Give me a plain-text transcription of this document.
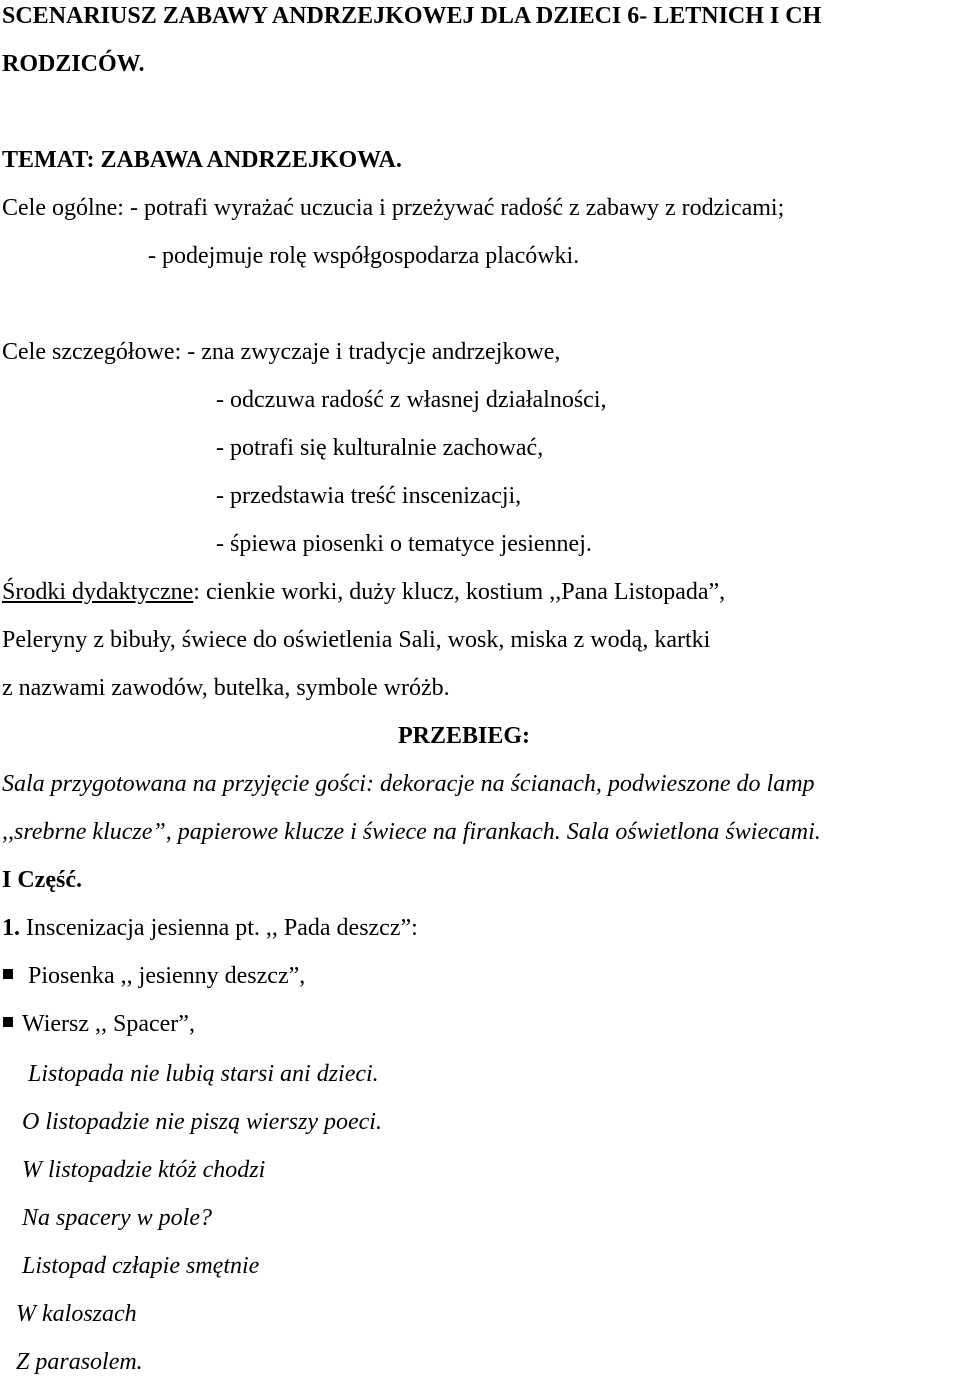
SCENARIUSZ ZABAWY ANDRZEJKOWEJ DLA DZIECI 6- LETNICH I CH
RODZICÓW.
TEMAT: ZABAWA ANDRZEJKOWA.
Cele ogólne: - potrafi wyrażać uczucia i przeżywać radość z zabawy z rodzicami;
- podejmuje rolę współgospodarza placówki.
Cele szczegółowe: - zna zwyczaje i tradycje andrzejkowe,
- odczuwa radość z własnej działalności,
- potrafi się kulturalnie zachować,
- przedstawia treść inscenizacji,
- śpiewa piosenki o tematyce jesiennej.
Środki dydaktyczne: cienkie worki, duży klucz, kostium ,,Pana Listopada”,
Peleryny z bibuły, świece do oświetlenia Sali, wosk, miska z wodą, kartki
z nazwami zawodów, butelka, symbole wróżb.
PRZEBIEG:
Sala przygotowana na przyjęcie gości: dekoracje na ścianach, podwieszone do lamp
,,srebrne klucze”, papierowe klucze i świece na firankach. Sala oświetlona świecami.
I Część.
1. Inscenizacja jesienna pt. ,, Pada deszcz”:
Piosenka ,, jesienny deszcz”,
Wiersz ,, Spacer”,
Listopada nie lubią starsi ani dzieci.
O listopadzie nie piszą wierszy poeci.
W listopadzie któż chodzi
Na spacery w pole?
Listopad człapie smętnie
W kaloszach
Z parasolem.
